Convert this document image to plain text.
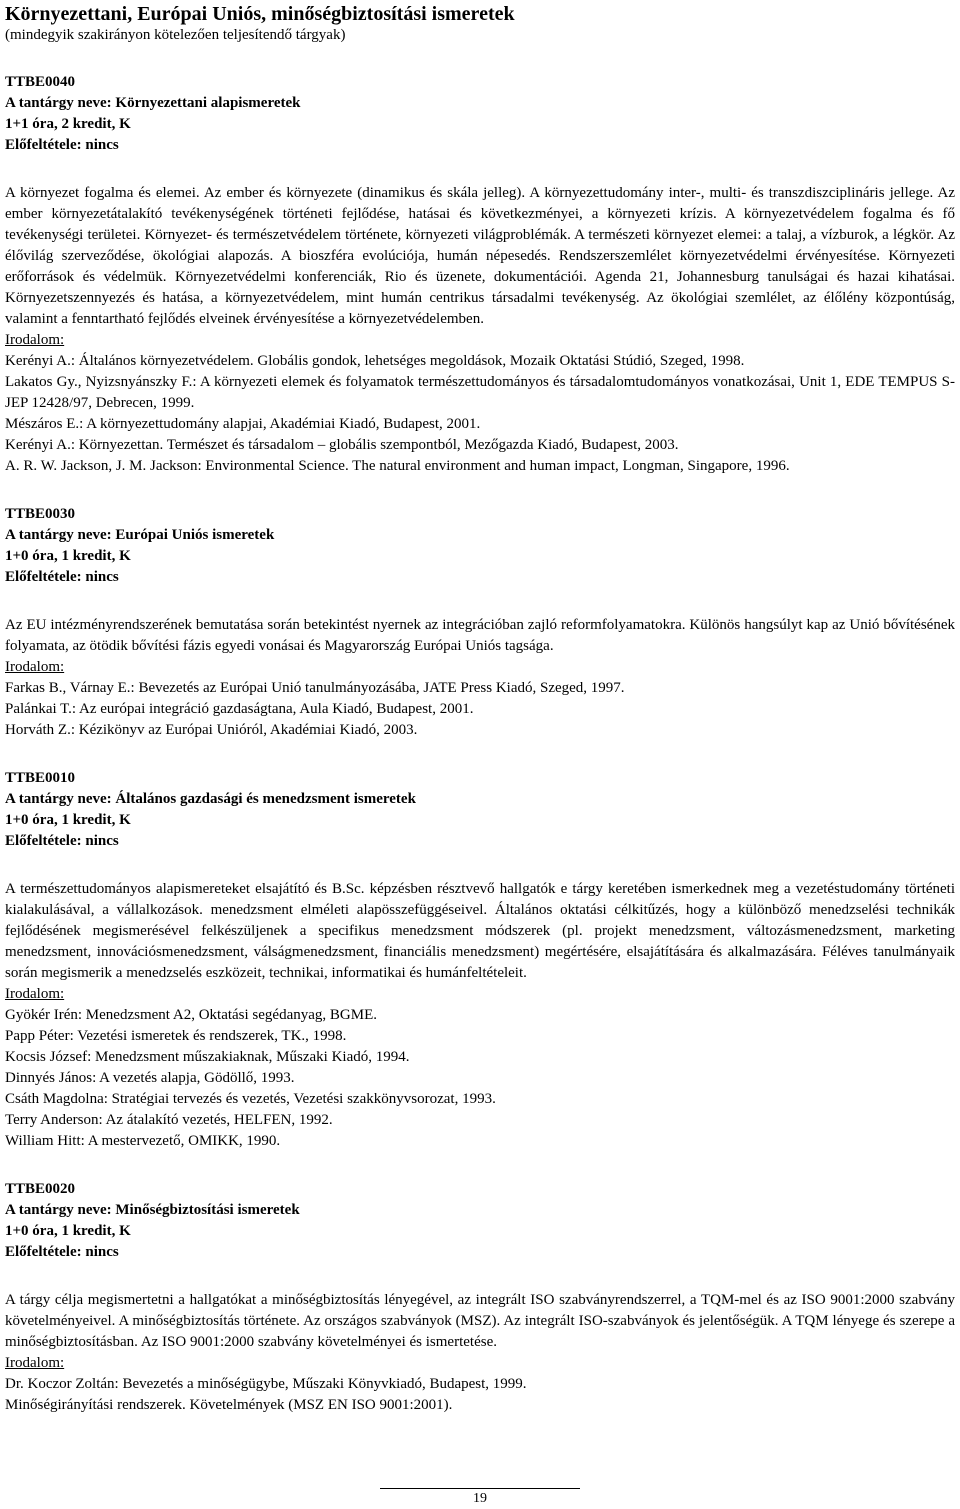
Környezettani, Európai Uniós, minőségbiztosítási ismeretek
(mindegyik szakirányon kötelezően teljesítendő tárgyak)
TTBE0040
A tantárgy neve: Környezettani alapismeretek
1+1 óra, 2 kredit, K
Előfeltétele: nincs
A környezet fogalma és elemei. Az ember és környezete (dinamikus és skála jelleg). A környezettudomány inter-, multi- és transzdiszciplináris jellege. Az ember környezetátalakító tevékenységének történeti fejlődése, hatásai és következményei, a környezeti krízis. A környezetvédelem fogalma és fő tevékenységi területei. Környezet- és természetvédelem története, környezeti világproblémák. A természeti környezet elemei: a talaj, a vízburok, a légkör. Az élővilág szerveződése, ökológiai alapozás. A bioszféra evolúciója, humán népesedés. Rendszerszemlélet környezetvédelmi érvényesítése. Környezeti erőforrások és védelmük. Környezetvédelmi konferenciák, Rio és üzenete, dokumentációi. Agenda 21, Johannesburg tanulságai és hazai kihatásai. Környezetszennyezés és hatása, a környezetvédelem, mint humán centrikus társadalmi tevékenység. Az ökológiai szemlélet, az élőlény központúság, valamint a fenntartható fejlődés elveinek érvényesítése a környezetvédelemben.
Irodalom:
Kerényi A.: Általános környezetvédelem. Globális gondok, lehetséges megoldások, Mozaik Oktatási Stúdió, Szeged, 1998.
Lakatos Gy., Nyizsnyánszky F.: A környezeti elemek és folyamatok természettudományos és társadalomtudományos vonatkozásai, Unit 1, EDE TEMPUS S-JEP 12428/97, Debrecen, 1999.
Mészáros E.: A környezettudomány alapjai, Akadémiai Kiadó, Budapest, 2001.
Kerényi A.: Környezettan. Természet és társadalom – globális szempontból, Mezőgazda Kiadó, Budapest, 2003.
A. R. W. Jackson, J. M. Jackson: Environmental Science. The natural environment and human impact, Longman, Singapore, 1996.
TTBE0030
A tantárgy neve: Európai Uniós ismeretek
1+0 óra, 1 kredit, K
Előfeltétele: nincs
Az EU intézményrendszerének bemutatása során betekintést nyernek az integrációban zajló reformfolyamatokra. Különös hangsúlyt kap az Unió bővítésének folyamata, az ötödik bővítési fázis egyedi vonásai és Magyarország Európai Uniós tagsága.
Irodalom:
Farkas B., Várnay E.: Bevezetés az Európai Unió tanulmányozásába, JATE Press Kiadó, Szeged, 1997.
Palánkai T.: Az európai integráció gazdaságtana, Aula Kiadó, Budapest, 2001.
Horváth Z.: Kézikönyv az Európai Unióról, Akadémiai Kiadó, 2003.
TTBE0010
A tantárgy neve: Általános gazdasági és menedzsment ismeretek
1+0 óra, 1 kredit, K
Előfeltétele: nincs
A természettudományos alapismereteket elsajátító és B.Sc. képzésben résztvevő hallgatók e tárgy keretében ismerkednek meg a vezetéstudomány történeti kialakulásával, a vállalkozások. menedzsment elméleti alapösszefüggéseivel. Általános oktatási célkitűzés, hogy a különböző menedzselési technikák fejlődésének megismerésével felkészüljenek a specifikus menedzsment módszerek (pl. projekt menedzsment, változásmenedzsment, marketing menedzsment, innovációsmenedzsment, válságmenedzsment, financiális menedzsment) megértésére, elsajátítására és alkalmazására. Féléves tanulmányaik során megismerik a menedzselés eszközeit, technikai, informatikai és humánfeltételeit.
Irodalom:
Gyökér Irén: Menedzsment A2, Oktatási segédanyag, BGME.
Papp Péter: Vezetési ismeretek és rendszerek, TK., 1998.
Kocsis József: Menedzsment műszakiaknak, Műszaki Kiadó, 1994.
Dinnyés János: A vezetés alapja, Gödöllő, 1993.
Csáth Magdolna: Stratégiai tervezés és vezetés, Vezetési szakkönyvsorozat, 1993.
Terry Anderson: Az átalakító vezetés, HELFEN, 1992.
William Hitt: A mestervezető, OMIKK, 1990.
TTBE0020
A tantárgy neve: Minőségbiztosítási ismeretek
1+0 óra, 1 kredit, K
Előfeltétele: nincs
A tárgy célja megismertetni a hallgatókat a minőségbiztosítás lényegével, az integrált ISO szabványrendszerrel, a TQM-mel és az ISO 9001:2000 szabvány követelményeivel. A minőségbiztosítás története. Az országos szabványok (MSZ). Az integrált ISO-szabványok és jelentőségük. A TQM lényege és szerepe a minőségbiztosításban. Az ISO 9001:2000 szabvány követelményei és ismertetése.
Irodalom:
Dr. Koczor Zoltán: Bevezetés a minőségügybe, Műszaki Könyvkiadó, Budapest, 1999.
Minőségirányítási rendszerek. Követelmények (MSZ EN ISO 9001:2001).
19
